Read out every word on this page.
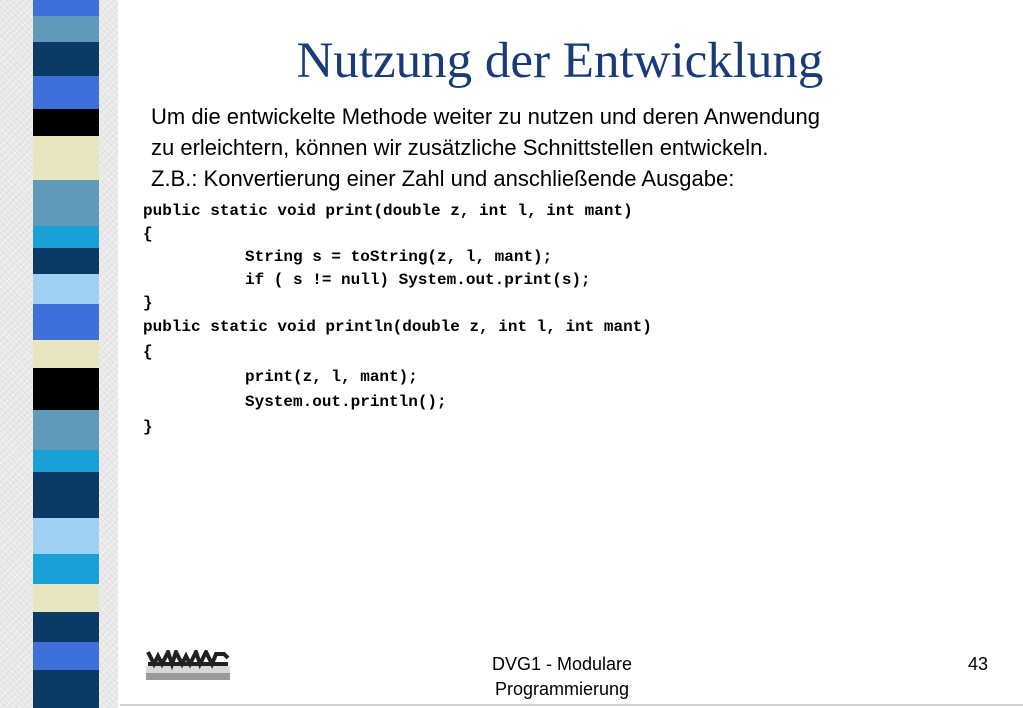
Nutzung der Entwicklung
Um die entwickelte Methode weiter zu nutzen und deren Anwendung
zu erleichtern, können wir zusätzliche Schnittstellen entwickeln.
Z.B.: Konvertierung einer Zahl und anschließende Ausgabe:
public static void print(double z, int l, int mant)
{
String s = toString(z, l, mant);
if ( s != null) System.out.print(s);
}
public static void println(double z, int l, int mant)
{
print(z, l, mant);
System.out.println();
}
DVG1 - Modulare
Programmierung
43
